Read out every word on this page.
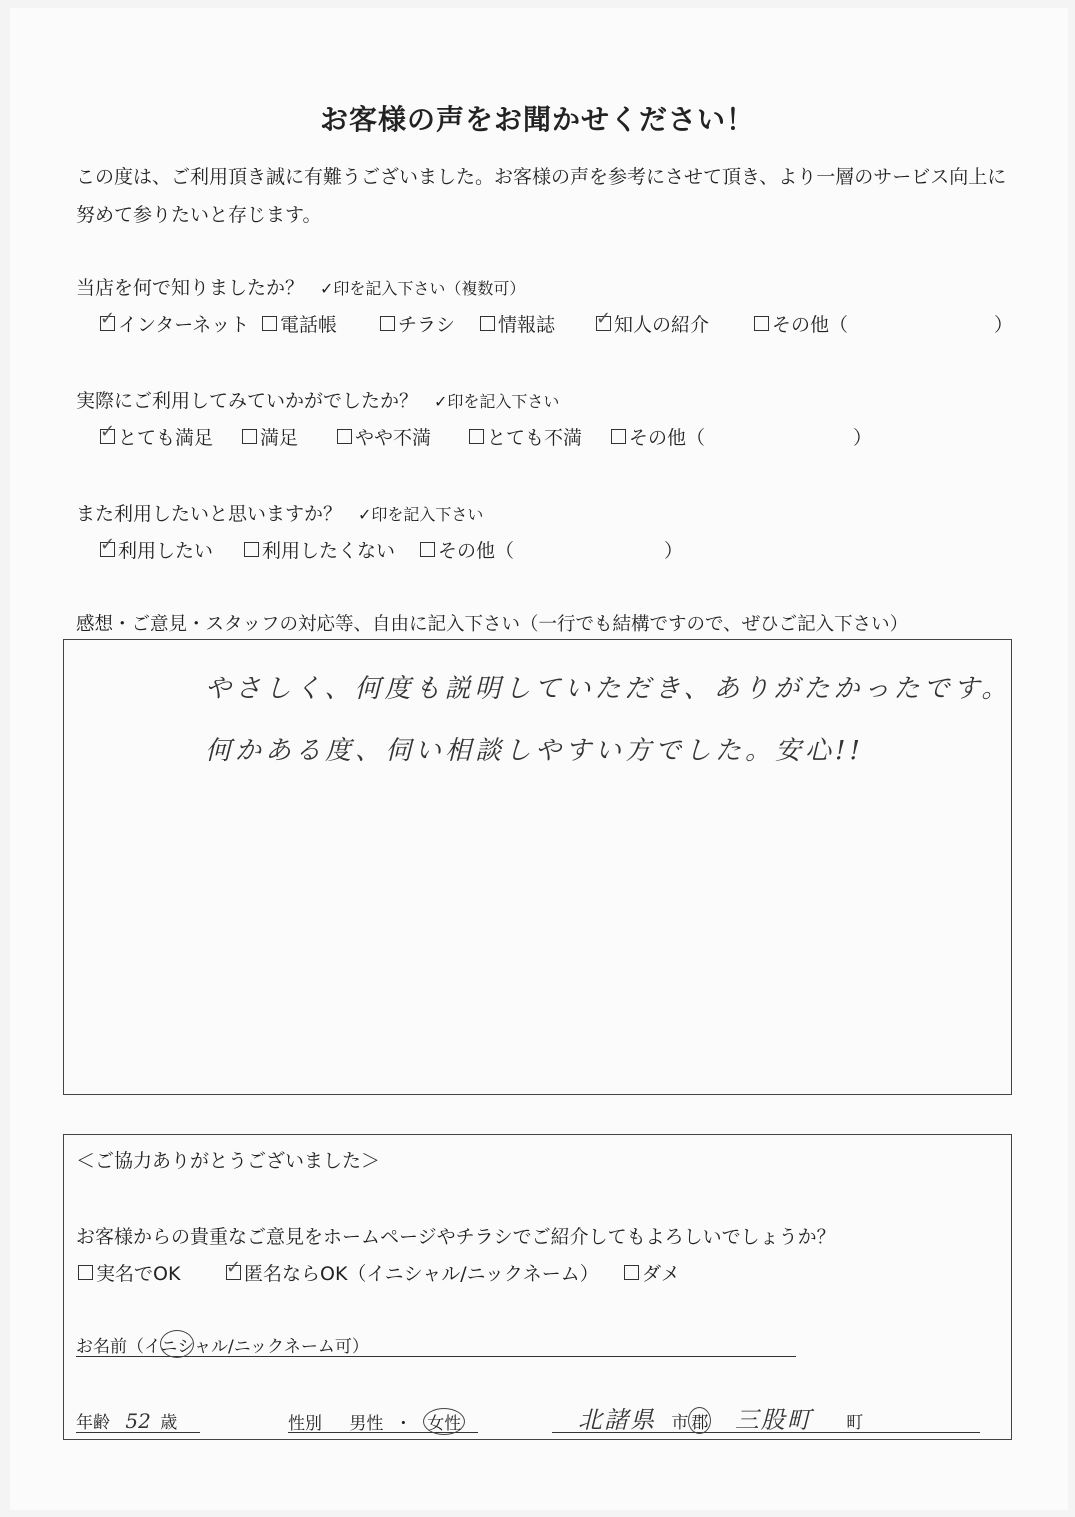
お客様の声をお聞かせください！
この度は、ご利用頂き誠に有難うございました。お客様の声を参考にさせて頂き、より一層のサービス向上に努めて参りたいと存じます。
当店を何で知りましたか？ ✓印を記入下さい（複数可）
✓
インターネット 電話帳	チラシ 情報誌 ✓	知人の紹介	その他（	）
実際にご利用してみていかがでしたか？ ✓印を記入下さい
✓
とても満足 満足	やや不満	とても不満 その他（	）
また利用したいと思いますか？ ✓印を記入下さい
✓
利用したい	利用したくない その他（	）
感想・ご意見・スタッフの対応等、自由に記入下さい（一行でも結構ですので、ぜひご記入下さい）
やさしく、何度も説明していただき、ありがたかったです。
何かある度、伺い相談しやすい方でした。安心!!
＜ご協力ありがとうございました＞
お客様からの貴重なご意見をホームページやチラシでご紹介してもよろしいでしょうか？
実名でOK ✓	匿名ならOK（イニシャル/ニックネーム） ダメ
お名前（イニシャル/ニックネーム可）
年齢 52 歳	性別 男性 ・ 女性	北諸県 市 郡 三股町 町
